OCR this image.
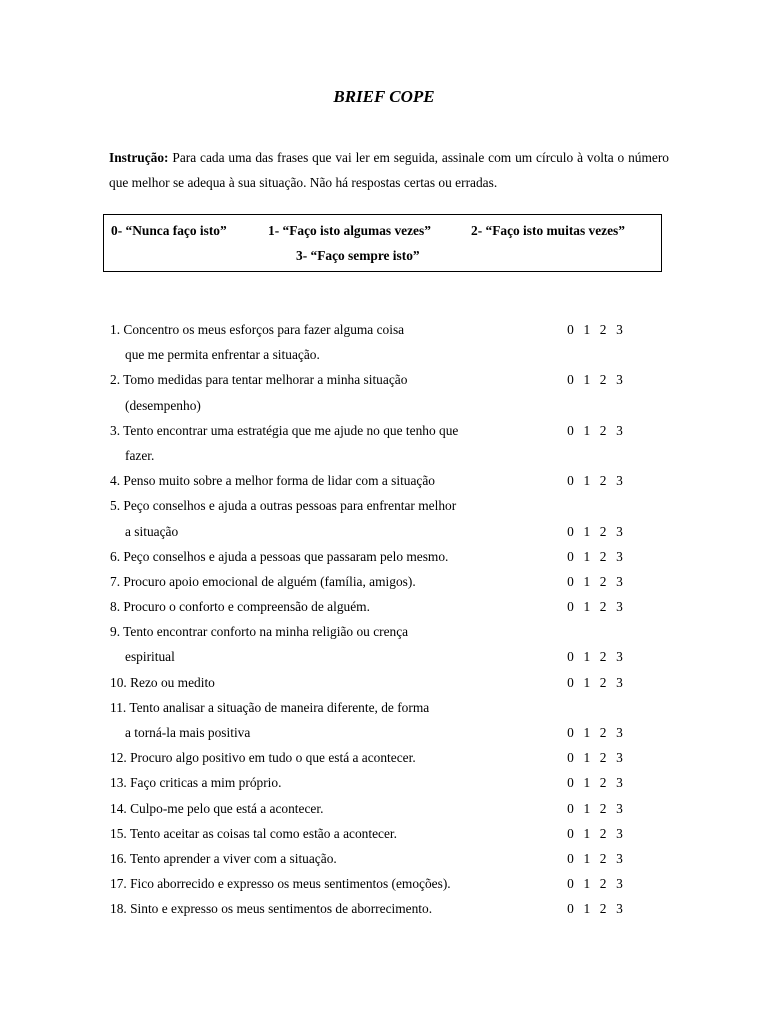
BRIEF COPE
Instrução: Para cada uma das frases que vai ler em seguida, assinale com um círculo à volta o número que melhor se adequa à sua situação. Não há respostas certas ou erradas.
0- “Nunca faço isto”	1- “Faço isto algumas vezes”	2- “Faço isto muitas vezes”
3- “Faço sempre isto”
1. Concentro os meus esforços para fazer alguma coisa	0 1 2 3
que me permita enfrentar a situação.
2. Tomo medidas para tentar melhorar a minha situação	0 1 2 3
(desempenho)
3. Tento encontrar uma estratégia que me ajude no que tenho que	0 1 2 3
fazer.
4. Penso muito sobre a melhor forma de lidar com a situação	0 1 2 3
5. Peço conselhos e ajuda a outras pessoas para enfrentar melhor
a situação	0 1 2 3
6. Peço conselhos e ajuda a pessoas que passaram pelo mesmo.	0 1 2 3
7. Procuro apoio emocional de alguém (família, amigos).	0 1 2 3
8. Procuro o conforto e compreensão de alguém.	0 1 2 3
9. Tento encontrar conforto na minha religião ou crença
espiritual	0 1 2 3
10. Rezo ou medito	0 1 2 3
11. Tento analisar a situação de maneira diferente, de forma
a torná-la mais positiva	0 1 2 3
12. Procuro algo positivo em tudo o que está a acontecer.	0 1 2 3
13. Faço criticas a mim próprio.	0 1 2 3
14. Culpo-me pelo que está a acontecer.	0 1 2 3
15. Tento aceitar as coisas tal como estão a acontecer.	0 1 2 3
16. Tento aprender a viver com a situação.	0 1 2 3
17. Fico aborrecido e expresso os meus sentimentos (emoções).	0 1 2 3
18. Sinto e expresso os meus sentimentos de aborrecimento.	0 1 2 3
